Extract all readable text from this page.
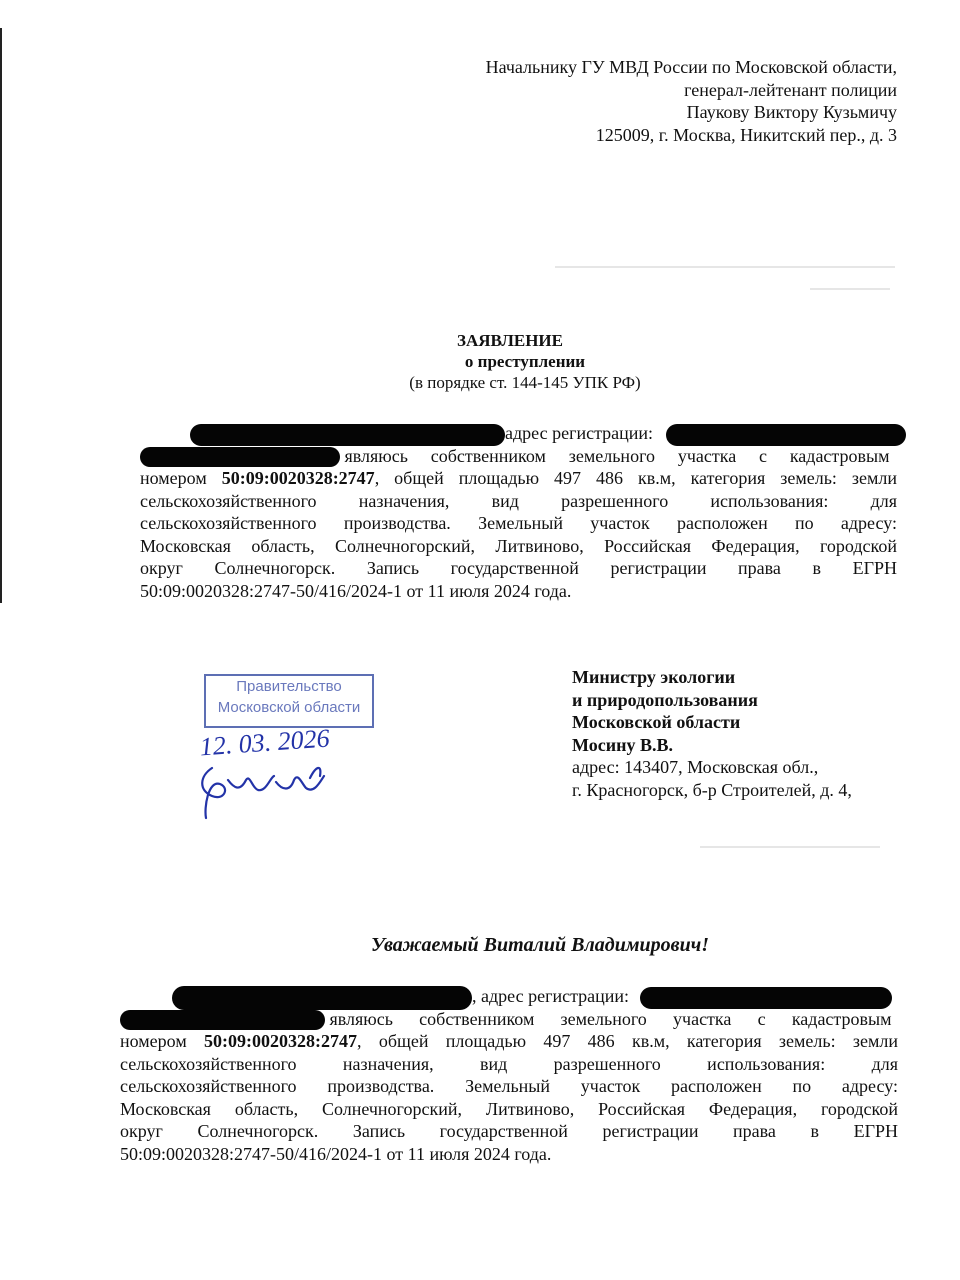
Начальнику ГУ МВД России по Московской области,
генерал-лейтенант полиции
Паукову Виктору Кузьмичу
125009, г. Москва, Никитский пер., д. 3
ЗАЯВЛЕНИЕ
о преступлении
(в порядке ст. 144-145 УПК РФ)
адрес регистрации:
являюсь собственником земельного участка с кадастровым
номером 50:09:0020328:2747, общей площадью 497 486 кв.м, категория земель: земли
сельскохозяйственного назначения, вид разрешенного использования: для
сельскохозяйственного производства. Земельный участок расположен по адресу:
Московская область, Солнечногорский, Литвиново, Российская Федерация, городской
округ Солнечногорск. Запись государственной регистрации права в ЕГРН
50:09:0020328:2747-50/416/2024-1 от 11 июля 2024 года.
Правительство
Московской области
12. 03. 2026
Министру экологии
и природопользования
Московской области
Мосину В.В.
адрес: 143407, Московская обл.,
г. Красногорск, б-р Строителей, д. 4,
Уважаемый Виталий Владимирович!
, адрес регистрации:
являюсь собственником земельного участка с кадастровым
номером 50:09:0020328:2747, общей площадью 497 486 кв.м, категория земель: земли
сельскохозяйственного назначения, вид разрешенного использования: для
сельскохозяйственного производства. Земельный участок расположен по адресу:
Московская область, Солнечногорский, Литвиново, Российская Федерация, городской
округ Солнечногорск. Запись государственной регистрации права в ЕГРН
50:09:0020328:2747-50/416/2024-1 от 11 июля 2024 года.
